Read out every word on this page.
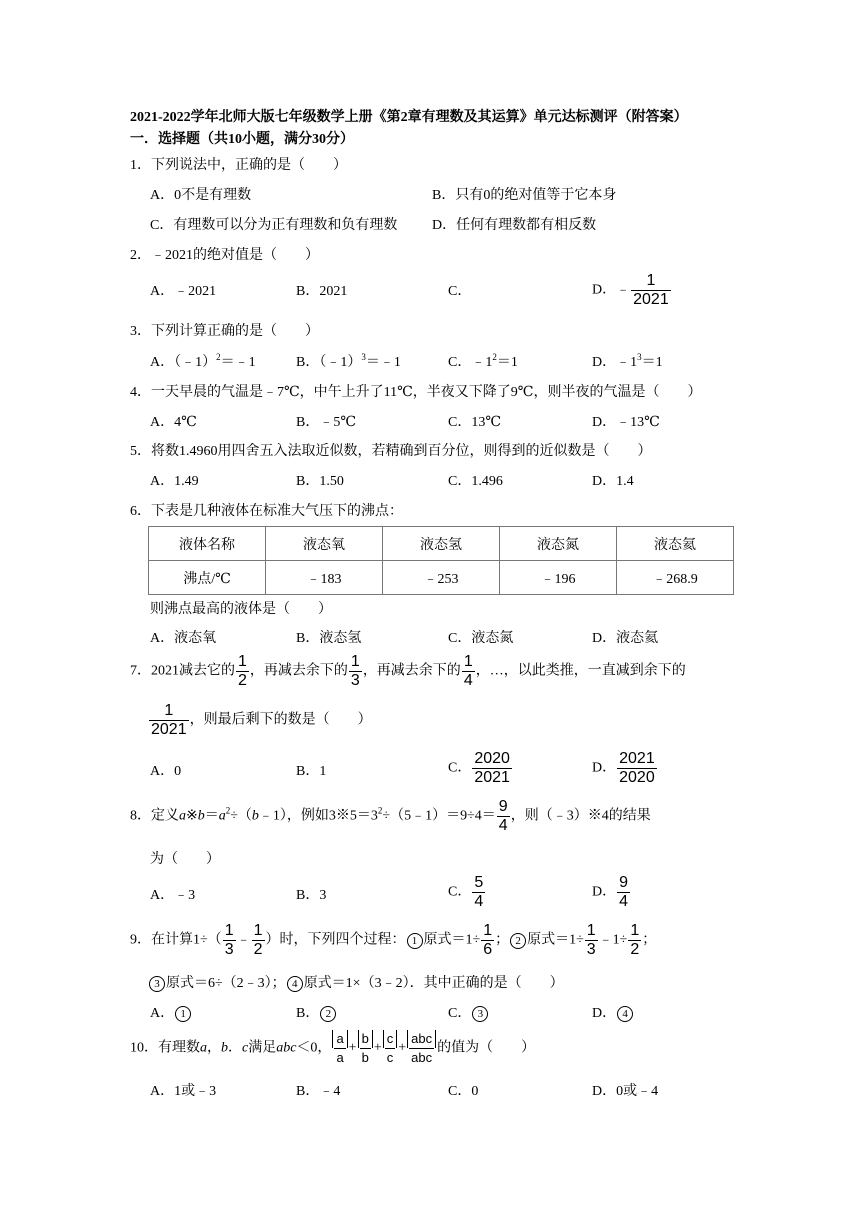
2021-2022学年北师大版七年级数学上册《第2章有理数及其运算》单元达标测评（附答案）
一．选择题（共10小题，满分30分）
1．下列说法中，正确的是（　　）
A．0不是有理数	B．只有0的绝对值等于它本身
C．有理数可以分为正有理数和负有理数 D．任何有理数都有相反数
2．﹣2021的绝对值是（　　）
A．﹣2021	B．2021	C．	D．﹣ $\frac{1}{2021}$
3．下列计算正确的是（　　）
A．（﹣1）$^2$＝﹣1	B．（﹣1）$^3$＝﹣1	C．$﹣1^2=1$	D．$﹣1^3=1$
4．一天早晨的气温是﹣7℃，中午上升了11℃，半夜又下降了9℃，则半夜的气温是（　　）
A．4℃	B．﹣5℃	C．13℃	D．﹣13℃
5．将数1.4960用四舍五入法取近似数，若精确到百分位，则得到的近似数是（　　）
A．1.49	B．1.50	C．1.496	D．1.4
6．下表是几种液体在标准大气压下的沸点：
液体名称	液态氧	液态氢	液态氮	液态氦
沸点/℃	﹣183	﹣253	﹣196	﹣268.9
则沸点最高的液体是（　　）
A．液态氧	B．液态氢	C．液态氮	D．液态氦
7．2021减去它的 $\frac{1}{2}$ ，再减去余下的 $\frac{1}{3}$ ，再减去余下的 $\frac{1}{4}$ ，…，以此类推，一直减到余下的
$\frac{1}{2021}$ ，则最后剩下的数是（　　）
A．0	B．1	C． $\frac{2020}{2021}$	D． $\frac{2021}{2020}$
8．定义$a※b=a^2\div(b﹣1)$，例如$3※5=3^2\div(5﹣1)=9\div 4= \frac{9}{4}$ ，则（﹣3）※4的结果
为（　　）
A．﹣3	B．3	C． $\frac{5}{4}$	D． $\frac{9}{4}$
9．在计算$1\div( \frac{1}{3}$ ﹣ $\frac{1}{2}$ ）时，下列四个过程： 1 原式$=1\div \frac{1}{6}$ ； 2 原式$=1\div \frac{1}{3}$ ﹣1÷ $\frac{1}{2}$ ；
3 原式＝6÷（2﹣3）； 4 原式＝1×（3﹣2）．其中正确的是（　　）
A． 1	B． 2	C． 3	D． 4
10．有理数a，b．c满足abc＜0， $\frac{a}{a} + \frac{b}{b} + \frac{c}{c} + \frac{\text{abc}}{\text{abc}}$ 的值为（　　）
A．1或﹣3	B．﹣4	C．0	D．0或﹣4
